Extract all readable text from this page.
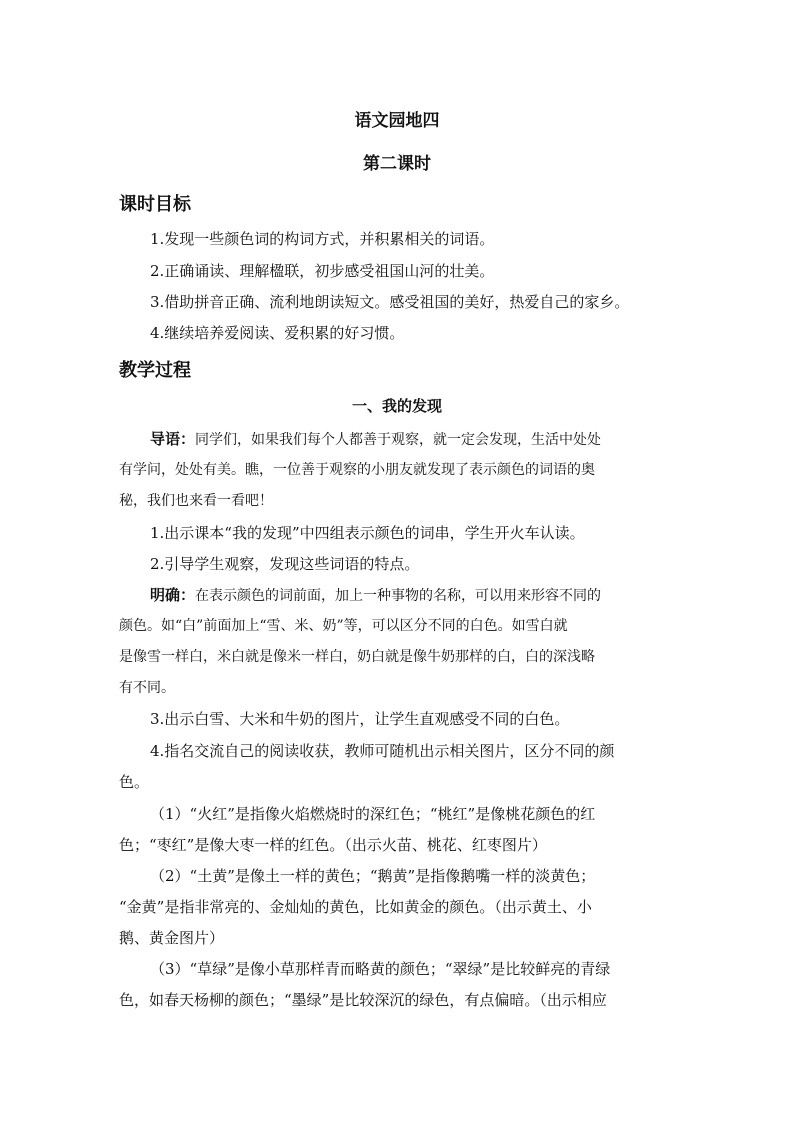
语文园地四
第二课时
课时目标
1.发现一些颜色词的构词方式，并积累相关的词语。
2.正确诵读、理解楹联，初步感受祖国山河的壮美。
3.借助拼音正确、流利地朗读短文。感受祖国的美好，热爱自己的家乡。
4.继续培养爱阅读、爱积累的好习惯。
教学过程
一、我的发现
导语：同学们，如果我们每个人都善于观察，就一定会发现，生活中处处
有学问，处处有美。瞧，一位善于观察的小朋友就发现了表示颜色的词语的奥
秘，我们也来看一看吧！
1.出示课本“我的发现”中四组表示颜色的词串，学生开火车认读。
2.引导学生观察，发现这些词语的特点。
明确：在表示颜色的词前面，加上一种事物的名称，可以用来形容不同的
颜色。如“白”前面加上“雪、米、奶”等，可以区分不同的白色。如雪白就
是像雪一样白，米白就是像米一样白，奶白就是像牛奶那样的白，白的深浅略
有不同。
3.出示白雪、大米和牛奶的图片，让学生直观感受不同的白色。
4.指名交流自己的阅读收获，教师可随机出示相关图片，区分不同的颜
色。
（1）“火红”是指像火焰燃烧时的深红色；“桃红”是像桃花颜色的红
色；“枣红”是像大枣一样的红色。（出示火苗、桃花、红枣图片）
（2）“土黄”是像土一样的黄色；“鹅黄”是指像鹅嘴一样的淡黄色；
“金黄”是指非常亮的、金灿灿的黄色，比如黄金的颜色。（出示黄土、小
鹅、黄金图片）
（3）“草绿”是像小草那样青而略黄的颜色；“翠绿”是比较鲜亮的青绿
色，如春天杨柳的颜色；“墨绿”是比较深沉的绿色，有点偏暗。（出示相应
